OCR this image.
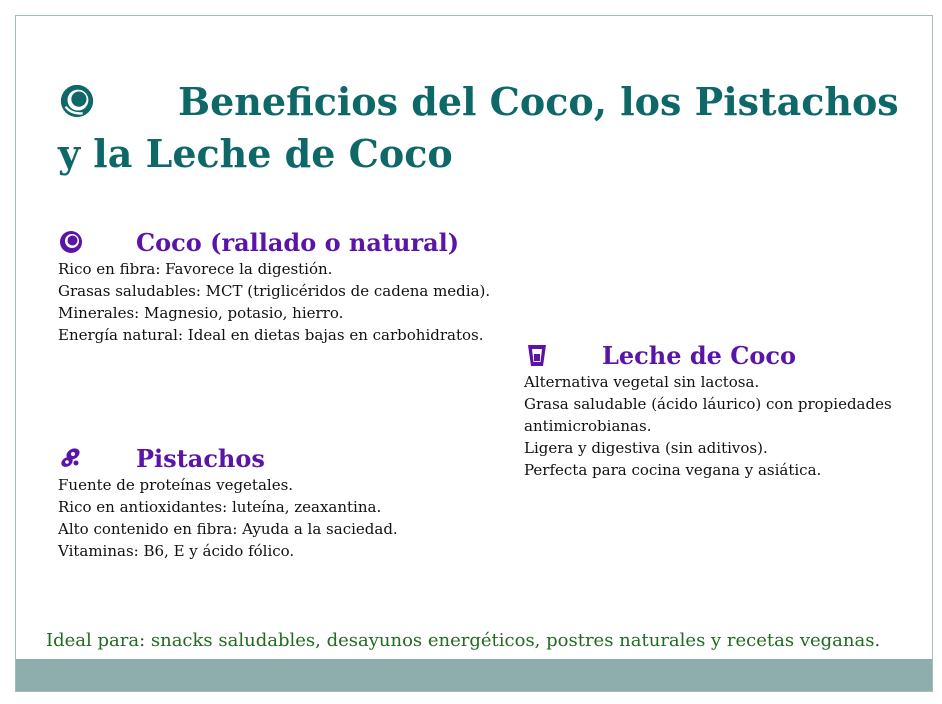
Beneficios del Coco, los Pistachos y la Leche de Coco
Coco (rallado o natural)
Rico en fibra: Favorece la digestión.
Grasas saludables: MCT (triglicéridos de cadena media).
Minerales: Magnesio, potasio, hierro.
Energía natural: Ideal en dietas bajas en carbohidratos.
Pistachos
Fuente de proteínas vegetales.
Rico en antioxidantes: luteína, zeaxantina.
Alto contenido en fibra: Ayuda a la saciedad.
Vitaminas: B6, E y ácido fólico.
Leche de Coco
Alternativa vegetal sin lactosa.
Grasa saludable (ácido láurico) con propiedades antimicrobianas.
Ligera y digestiva (sin aditivos).
Perfecta para cocina vegana y asiática.
Ideal para: snacks saludables, desayunos energéticos, postres naturales y recetas veganas.
